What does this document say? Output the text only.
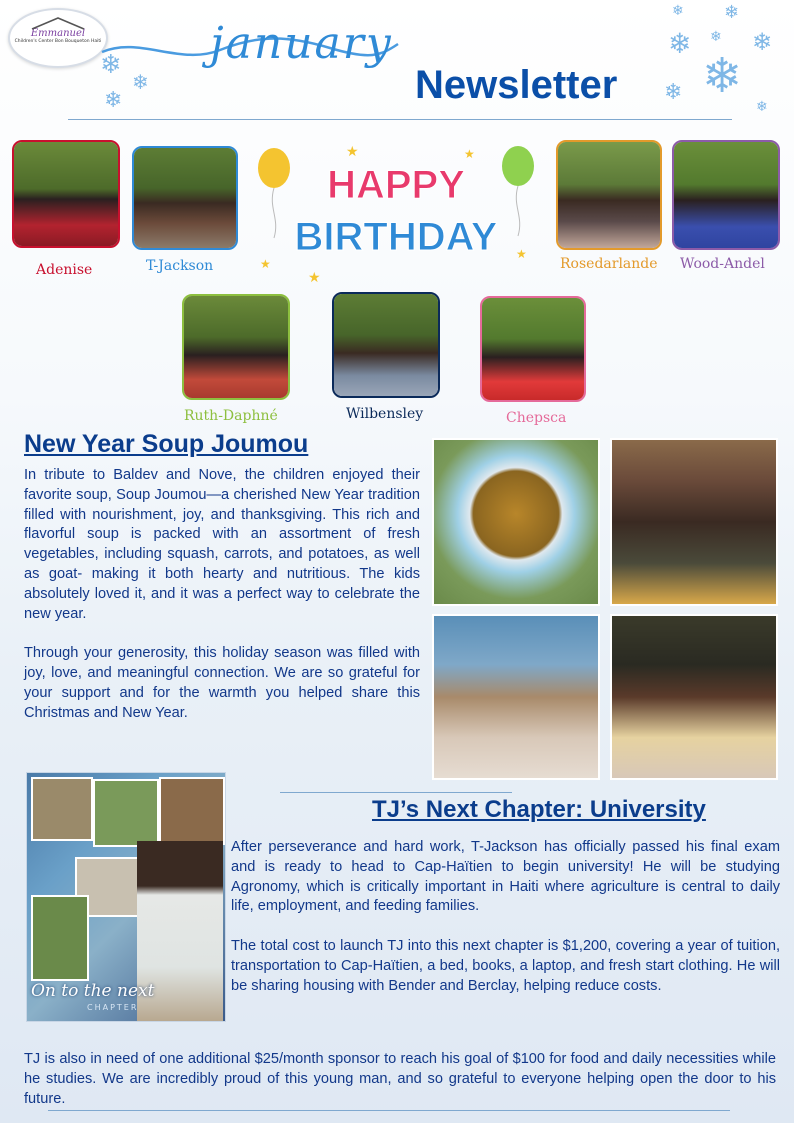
Emmanuel
Children's Center Bon Bouqueton Haiti january
Newsletter
❄
❄
❄
❄ ❄
❄ ❄ ❄
❄
❄
❄
Adenise	T-Jackson
HAPPY
BIRTHDAY
★	★
★
★
★
Rosedarlande Wood-Andel
Ruth-Daphné	Wilbensley	Chepsca
New Year Soup Joumou

In tribute to Baldev and Nove, the children enjoyed their favorite soup, Soup Joumou—a cherished New Year tradition filled with nourishment, joy, and thanksgiving. This rich and flavorful soup is packed with an assortment of fresh vegetables, including squash, carrots, and potatoes, as well as goat- making it both hearty and nutritious. The kids absolutely loved it, and it was a perfect way to celebrate the new year.

Through your generosity, this holiday season was filled with joy, love, and meaningful connection. We are so grateful for your support and for the warmth you helped share this Christmas and New Year.

On to the next
CHAPTER
TJ’s Next Chapter: University

After perseverance and hard work, T-Jackson has officially passed his final exam and is ready to head to Cap-Haïtien to begin university! He will be studying Agronomy, which is critically important in Haiti where agriculture is central to daily life, employment, and feeding families.

The total cost to launch TJ into this next chapter is $1,200, covering a year of tuition, transportation to Cap-Haïtien, a bed, books, a laptop, and fresh start clothing. He will be sharing housing with Bender and Berclay, helping reduce costs.

TJ is also in need of one additional $25/month sponsor to reach his goal of $100 for food and daily necessities while he studies. We are incredibly proud of this young man, and so grateful to everyone helping open the door to his future.
